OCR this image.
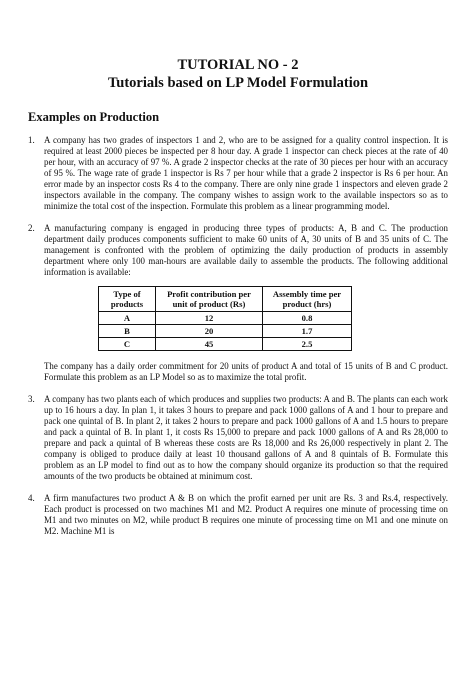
TUTORIAL NO - 2
Tutorials based on LP Model Formulation
Examples on Production
1.	A company has two grades of inspectors 1 and 2, who are to be assigned for a quality control inspection. It is required at least 2000 pieces be inspected per 8 hour day. A grade 1 inspector can check pieces at the rate of 40 per hour, with an accuracy of 97 %. A grade 2 inspector checks at the rate of 30 pieces per hour with an accuracy of 95 %. The wage rate of grade 1 inspector is Rs 7 per hour while that a grade 2 inspector is Rs 6 per hour. An error made by an inspector costs Rs 4 to the company. There are only nine grade 1 inspectors and eleven grade 2 inspectors available in the company. The company wishes to assign work to the available inspectors so as to minimize the total cost of the inspection. Formulate this problem as a linear programming model.

2.	A manufacturing company is engaged in producing three types of products: A, B and C. The production department daily produces components sufficient to make 60 units of A, 30 units of B and 35 units of C. The management is confronted with the problem of optimizing the daily production of products in assembly department where only 100 man-hours are available daily to assemble the products. The following additional information is available:

Type of products	Profit contribution per unit of product (Rs)	Assembly time per product (hrs)
A	12	0.8
B	20	1.7
C	45	2.5

The company has a daily order commitment for 20 units of product A and total of 15 units of B and C product. Formulate this problem as an LP Model so as to maximize the total profit.

3.	A company has two plants each of which produces and supplies two products: A and B. The plants can each work up to 16 hours a day. In plan 1, it takes 3 hours to prepare and pack 1000 gallons of A and 1 hour to prepare and pack one quintal of B. In plant 2, it takes 2 hours to prepare and pack 1000 gallons of A and 1.5 hours to prepare and pack a quintal of B. In plant 1, it costs Rs 15,000 to prepare and pack 1000 gallons of A and Rs 28,000 to prepare and pack a quintal of B whereas these costs are Rs 18,000 and Rs 26,000 respectively in plant 2. The company is obliged to produce daily at least 10 thousand gallons of A and 8 quintals of B. Formulate this problem as an LP model to find out as to how the company should organize its production so that the required amounts of the two products be obtained at minimum cost.

4.	A firm manufactures two product A & B on which the profit earned per unit are Rs. 3 and Rs.4, respectively. Each product is processed on two machines M1 and M2. Product A requires one minute of processing time on M1 and two minutes on M2, while product B requires one minute of processing time on M1 and one minute on M2. Machine M1 is
